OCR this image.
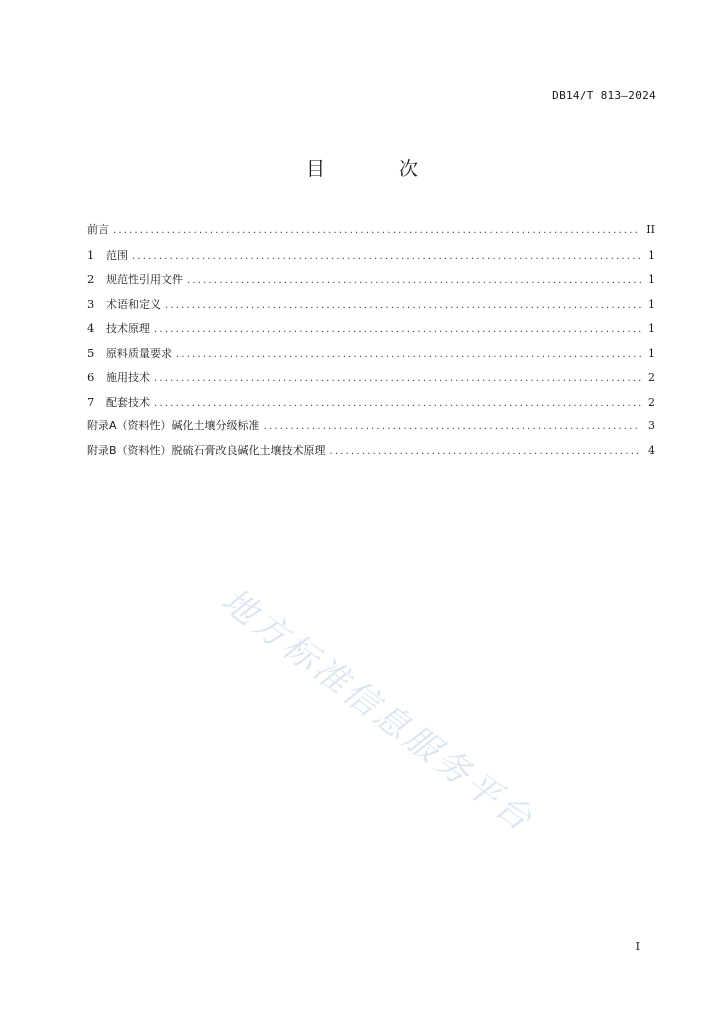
DB14/T 813—2024
目 次
前言 .....	II
1	范围 .....	1
2	规范性引用文件 .....	1
3	术语和定义 .....	1
4	技术原理 .....	1
5	原料质量要求 .....	1
6	施用技术 .....	2
7	配套技术 .....	2
附录A（资料性）碱化土壤分级标准 .....	3
附录B（资料性）脱硫石膏改良碱化土壤技术原理 .....	4
地方标准信息服务平台
I
